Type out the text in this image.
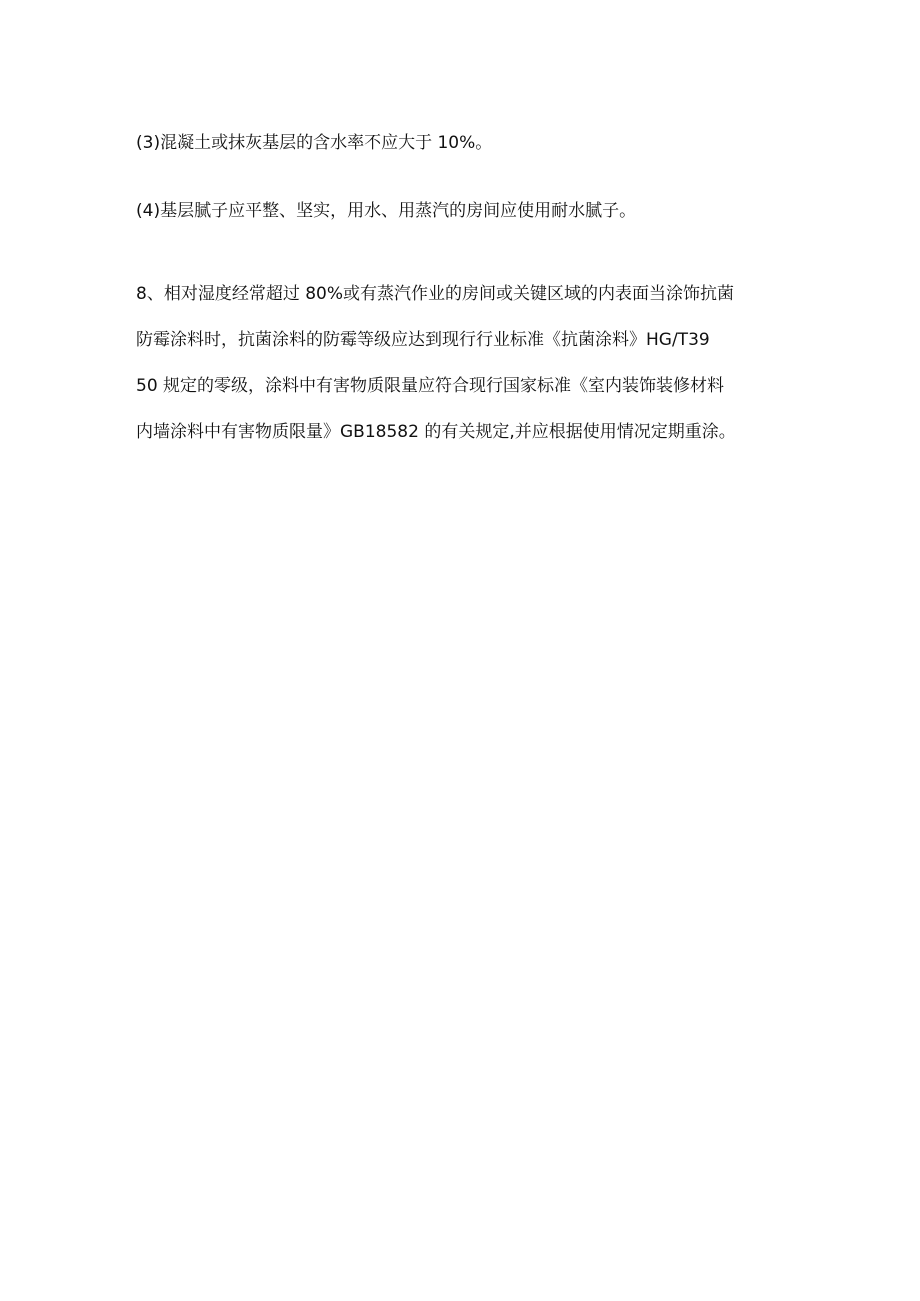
(3)混凝土或抹灰基层的含水率不应大于 10%。

(4)基层腻子应平整、坚实，用水、用蒸汽的房间应使用耐水腻子。

8、相对湿度经常超过 80%或有蒸汽作业的房间或关键区域的内表面当涂饰抗菌

防霉涂料时，抗菌涂料的防霉等级应达到现行行业标准《抗菌涂料》HG/T39

50 规定的零级，涂料中有害物质限量应符合现行国家标准《室内装饰装修材料

内墙涂料中有害物质限量》GB18582 的有关规定,并应根据使用情况定期重涂。
